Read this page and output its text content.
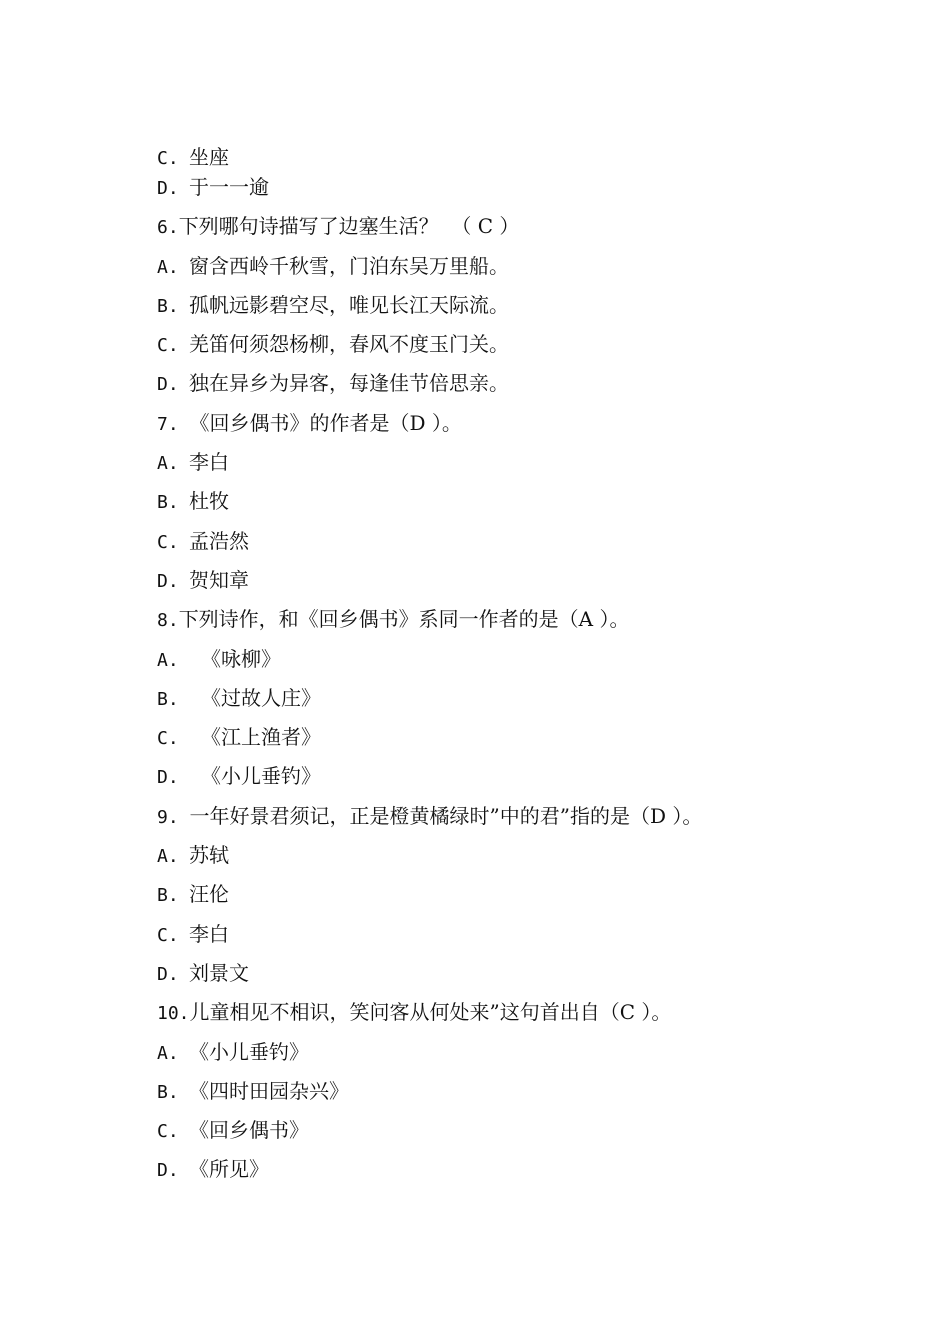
C. 坐座
D. 于一一逾
6.下列哪句诗描写了边塞生活？  （ C ）
A. 窗含西岭千秋雪，门泊东吴万里船。
B. 孤帆远影碧空尽，唯见长江天际流。
C. 羌笛何须怨杨柳，春风不度玉门关。
D. 独在异乡为异客，每逢佳节倍思亲。
7. 《回乡偶书》的作者是（D ）。
A. 李白
B. 杜牧
C. 孟浩然
D. 贺知章
8.下列诗作，和《回乡偶书》系同一作者的是（A ）。
A. 《咏柳》
B. 《过故人庄》
C. 《江上渔者》
D. 《小儿垂钓》
9. 一年好景君须记，正是橙黄橘绿时”中的君”指的是（D ）。
A. 苏轼
B. 汪伦
C. 李白
D. 刘景文
10.儿童相见不相识，笑问客从何处来”这句首出自（C ）。
A. 《小儿垂钓》
B. 《四时田园杂兴》
C. 《回乡偶书》
D. 《所见》
